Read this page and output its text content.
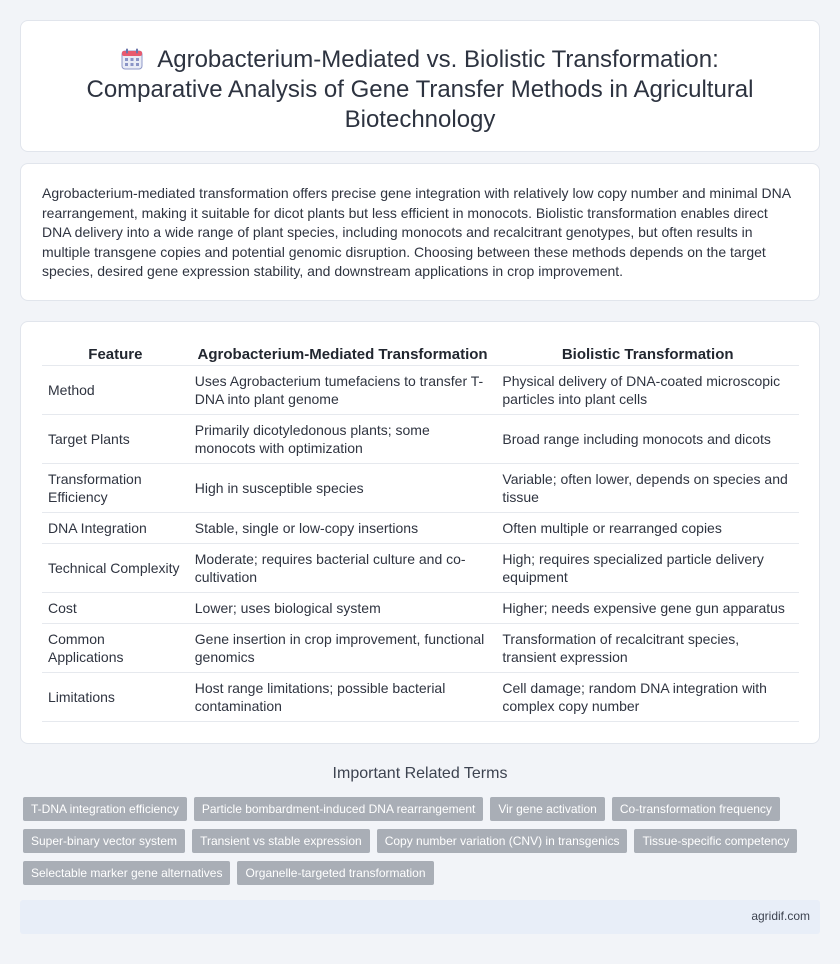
Agrobacterium-Mediated vs. Biolistic Transformation: Comparative Analysis of Gene Transfer Methods in Agricultural Biotechnology

Agrobacterium-mediated transformation offers precise gene integration with relatively low copy number and minimal DNA rearrangement, making it suitable for dicot plants but less efficient in monocots. Biolistic transformation enables direct DNA delivery into a wide range of plant species, including monocots and recalcitrant genotypes, but often results in multiple transgene copies and potential genomic disruption. Choosing between these methods depends on the target species, desired gene expression stability, and downstream applications in crop improvement.

Feature	Agrobacterium-Mediated Transformation	Biolistic Transformation
Method	Uses Agrobacterium tumefaciens to transfer T-DNA into plant genome	Physical delivery of DNA-coated microscopic particles into plant cells
Target Plants	Primarily dicotyledonous plants; some monocots with optimization	Broad range including monocots and dicots
Transformation Efficiency	High in susceptible species	Variable; often lower, depends on species and tissue
DNA Integration	Stable, single or low-copy insertions	Often multiple or rearranged copies
Technical Complexity	Moderate; requires bacterial culture and co-cultivation	High; requires specialized particle delivery equipment
Cost	Lower; uses biological system	Higher; needs expensive gene gun apparatus
Common Applications	Gene insertion in crop improvement, functional genomics	Transformation of recalcitrant species, transient expression
Limitations	Host range limitations; possible bacterial contamination	Cell damage; random DNA integration with complex copy number
Important Related Terms
T-DNA integration efficiency	Particle bombardment-induced DNA rearrangement	Vir gene activation	Co-transformation frequency
Super-binary vector system	Transient vs stable expression	Copy number variation (CNV) in transgenics	Tissue-specific competency
Selectable marker gene alternatives	Organelle-targeted transformation
agridif.com
